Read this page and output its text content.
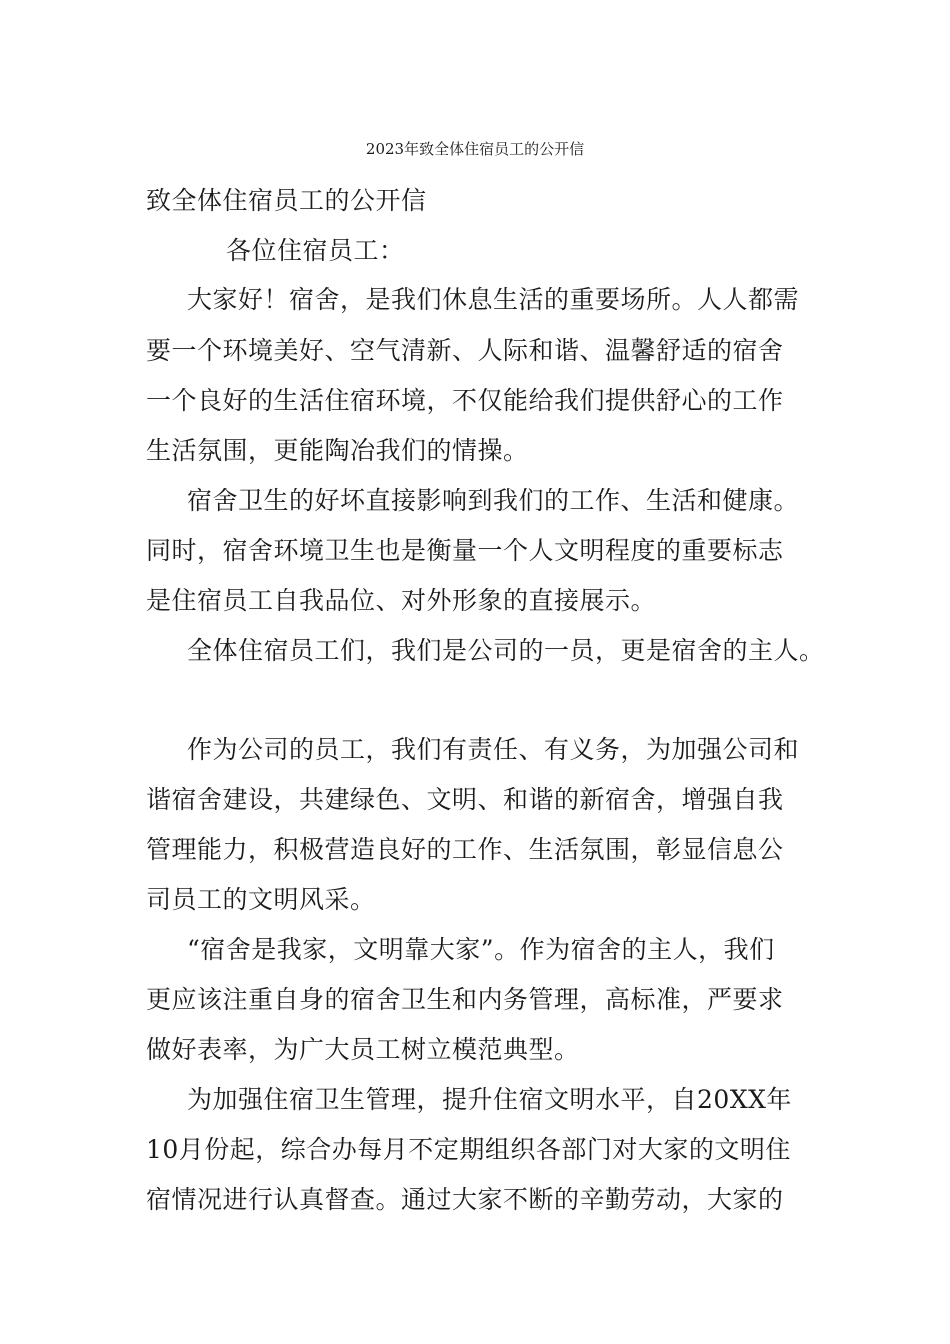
2023年致全体住宿员工的公开信
致全体住宿员工的公开信
各位住宿员工：
大家好！宿舍，是我们休息生活的重要场所。人人都需
要一个环境美好、空气清新、人际和谐、温馨舒适的宿舍
一个良好的生活住宿环境，不仅能给我们提供舒心的工作
生活氛围，更能陶冶我们的情操。
宿舍卫生的好坏直接影响到我们的工作、生活和健康。
同时，宿舍环境卫生也是衡量一个人文明程度的重要标志
是住宿员工自我品位、对外形象的直接展示。
全体住宿员工们，我们是公司的一员，更是宿舍的主人。
作为公司的员工，我们有责任、有义务，为加强公司和
谐宿舍建设，共建绿色、文明、和谐的新宿舍，增强自我
管理能力，积极营造良好的工作、生活氛围，彰显信息公
司员工的文明风采。
“宿舍是我家，文明靠大家”。作为宿舍的主人，我们
更应该注重自身的宿舍卫生和内务管理，高标准，严要求
做好表率，为广大员工树立模范典型。
为加强住宿卫生管理，提升住宿文明水平，自20XX年
10月份起，综合办每月不定期组织各部门对大家的文明住
宿情况进行认真督查。通过大家不断的辛勤劳动，大家的
